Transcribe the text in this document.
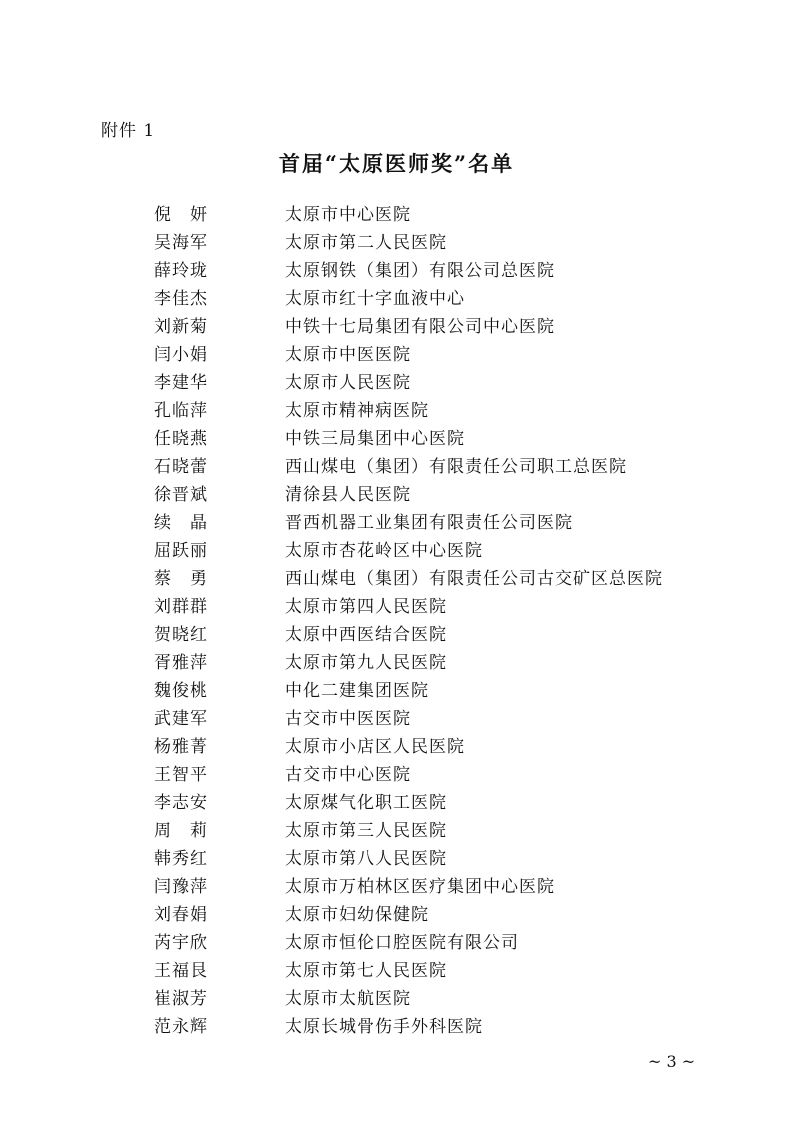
附件 1
首届“太原医师奖”名单
倪　妍	太原市中心医院
吴海军	太原市第二人民医院
薛玲珑	太原钢铁（集团）有限公司总医院
李佳杰	太原市红十字血液中心
刘新菊	中铁十七局集团有限公司中心医院
闫小娟	太原市中医医院
李建华	太原市人民医院
孔临萍	太原市精神病医院
任晓燕	中铁三局集团中心医院
石晓蕾	西山煤电（集团）有限责任公司职工总医院
徐晋斌	清徐县人民医院
续　晶	晋西机器工业集团有限责任公司医院
屈跃丽	太原市杏花岭区中心医院
蔡　勇	西山煤电（集团）有限责任公司古交矿区总医院
刘群群	太原市第四人民医院
贺晓红	太原中西医结合医院
胥雅萍	太原市第九人民医院
魏俊桃	中化二建集团医院
武建军	古交市中医医院
杨雅菁	太原市小店区人民医院
王智平	古交市中心医院
李志安	太原煤气化职工医院
周　莉	太原市第三人民医院
韩秀红	太原市第八人民医院
闫豫萍	太原市万柏林区医疗集团中心医院
刘春娟	太原市妇幼保健院
芮宇欣	太原市恒伦口腔医院有限公司
王福艮	太原市第七人民医院
崔淑芳	太原市太航医院
范永辉	太原长城骨伤手外科医院
~ 3 ~
